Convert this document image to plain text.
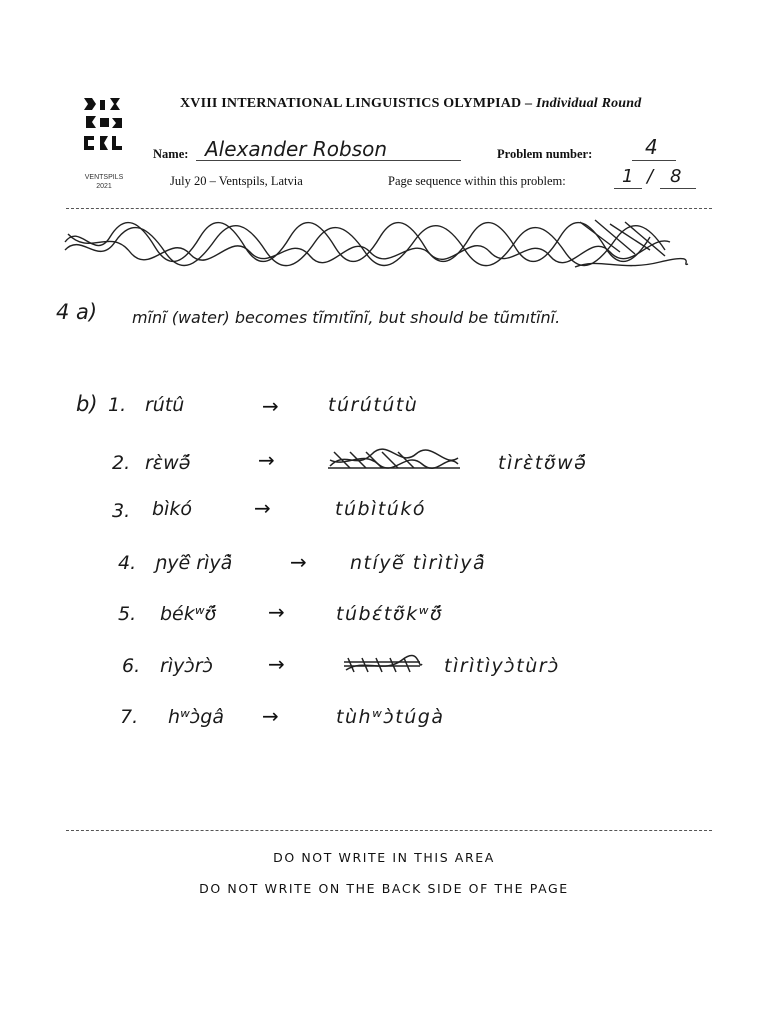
VENTSPILS
2021
XVIII INTERNATIONAL LINGUISTICS OLYMPIAD – Individual Round
Name: Alexander Robson	Problem number:	4
July 20 – Ventspils, Latvia	Page sequence within this problem:	1 / 8
4 a) mı̃nı̃ (water) becomes tı̃mıtı̃nı̃, but should be tũmıtı̃nı̃.
b) 1. rútû	→	túrútútù
2. rɛ̀wə̃́	→	tìrɛ̀tʊ̃wə̃́
3. bìkó	→	túbìtúkó
4. ɲyẽ̂ rìyã̀	→ ntíyẽ́ tìrìtìyã̀
5. békʷʊ̃́	→	túbɛ́tʊ̃kʷʊ̃́
6. rìyɔ̀rɔ̀	→	tìrìtìyɔ̀tùrɔ̀
7. hʷɔ̀gâ →	tùhʷɔ̀túgà
DO NOT WRITE IN THIS AREA
DO NOT WRITE ON THE BACK SIDE OF THE PAGE
